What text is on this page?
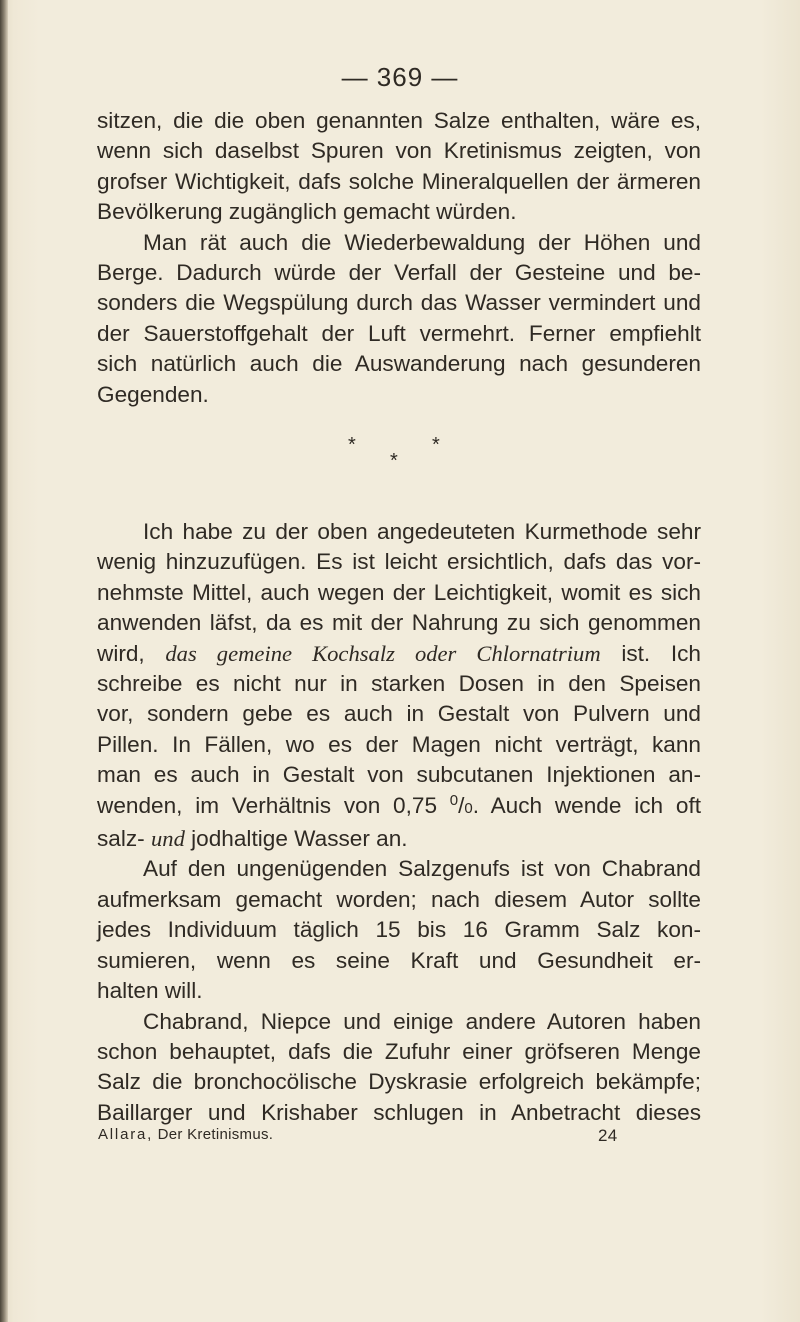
— 369 —

sitzen, die die oben genannten Salze enthalten, wäre es,

wenn sich daselbst Spuren von Kretinismus zeigten, von

grofser Wichtigkeit, dafs solche Mineralquellen der ärmeren

Bevölkerung zugänglich gemacht würden.

Man rät auch die Wiederbewaldung der Höhen und

Berge. Dadurch würde der Verfall der Gesteine und be-

sonders die Wegspülung durch das Wasser vermindert und

der Sauerstoffgehalt der Luft vermehrt. Ferner empfiehlt

sich natürlich auch die Auswanderung nach gesunderen

Gegenden.

*	*
*

Ich habe zu der oben angedeuteten Kurmethode sehr

wenig hinzuzufügen. Es ist leicht ersichtlich, dafs das vor-

nehmste Mittel, auch wegen der Leichtigkeit, womit es sich

anwenden läfst, da es mit der Nahrung zu sich genommen

wird, das gemeine Kochsalz oder Chlornatrium ist. Ich

schreibe es nicht nur in starken Dosen in den Speisen

vor, sondern gebe es auch in Gestalt von Pulvern und

Pillen. In Fällen, wo es der Magen nicht verträgt, kann

man es auch in Gestalt von subcutanen Injektionen an-

wenden, im Verhältnis von 0,75 $^0$/0. Auch wende ich oft

salz- und jodhaltige Wasser an.

Auf den ungenügenden Salzgenufs ist von Chabrand

aufmerksam gemacht worden; nach diesem Autor sollte

jedes Individuum täglich 15 bis 16 Gramm Salz kon-

sumieren, wenn es seine Kraft und Gesundheit er-

halten will.

Chabrand, Niepce und einige andere Autoren haben

schon behauptet, dafs die Zufuhr einer gröfseren Menge

Salz die bronchocölische Dyskrasie erfolgreich bekämpfe;

Baillarger und Krishaber schlugen in Anbetracht dieses

Allara, Der Kretinismus.	24
